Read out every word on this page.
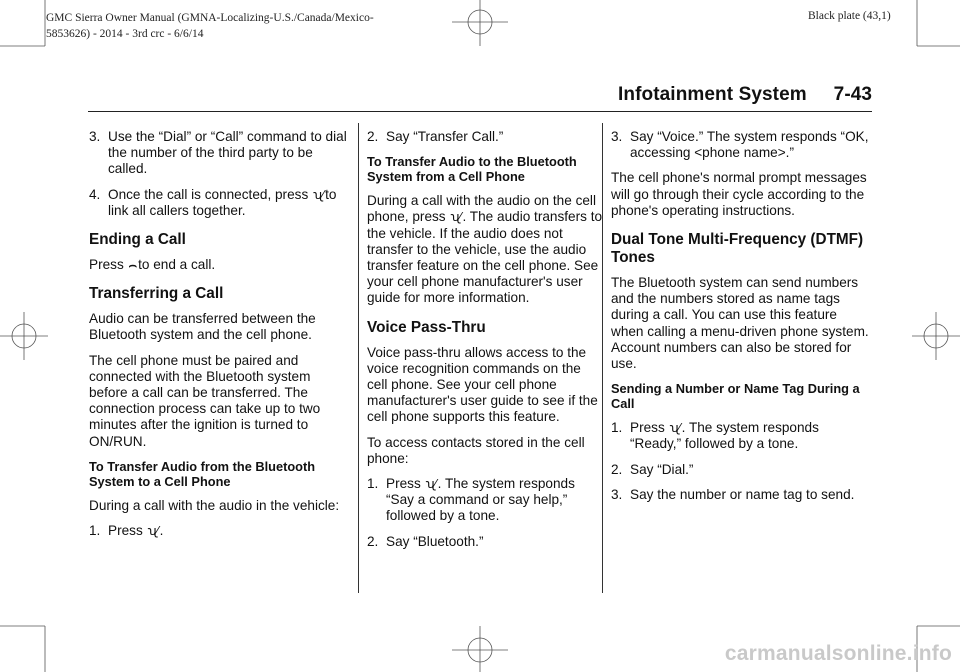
GMC Sierra Owner Manual (GMNA-Localizing-U.S./Canada/Mexico-
5853626) - 2014 - 3rd crc - 6/6/14
Black plate (43,1)
Infotainment System     7-43
3. Use the “Dial” or “Call” command to dial the number of the third party to be called.
4. Once the call is connected, press ʯ⁄to link all callers together.
Ending a Call

Press ⌢to end a call.

Transferring a Call

Audio can be transferred between the Bluetooth system and the cell phone.

The cell phone must be paired and connected with the Bluetooth system before a call can be transferred. The connection process can take up to two minutes after the ignition is turned to ON/RUN.

To Transfer Audio from the Bluetooth System to a Cell Phone

During a call with the audio in the vehicle:

1. Press ʯ⁄.
2. Say “Transfer Call.”
To Transfer Audio to the Bluetooth System from a Cell Phone

During a call with the audio on the cell phone, press ʯ⁄. The audio transfers to the vehicle. If the audio does not transfer to the vehicle, use the audio transfer feature on the cell phone. See your cell phone manufacturer's user guide for more information.

Voice Pass-Thru

Voice pass-thru allows access to the voice recognition commands on the cell phone. See your cell phone manufacturer's user guide to see if the cell phone supports this feature.

To access contacts stored in the cell phone:

1. Press ʯ⁄. The system responds “Say a command or say help,” followed by a tone.
2. Say “Bluetooth.”
3. Say “Voice.” The system responds “OK, accessing <phone name>.”

The cell phone's normal prompt messages will go through their cycle according to the phone's operating instructions.

Dual Tone Multi-Frequency (DTMF) Tones

The Bluetooth system can send numbers and the numbers stored as name tags during a call. You can use this feature when calling a menu-driven phone system. Account numbers can also be stored for use.

Sending a Number or Name Tag During a Call
1. Press ʯ⁄. The system responds “Ready,” followed by a tone.
2. Say “Dial.”
3. Say the number or name tag to send.
carmanualsonline.info
